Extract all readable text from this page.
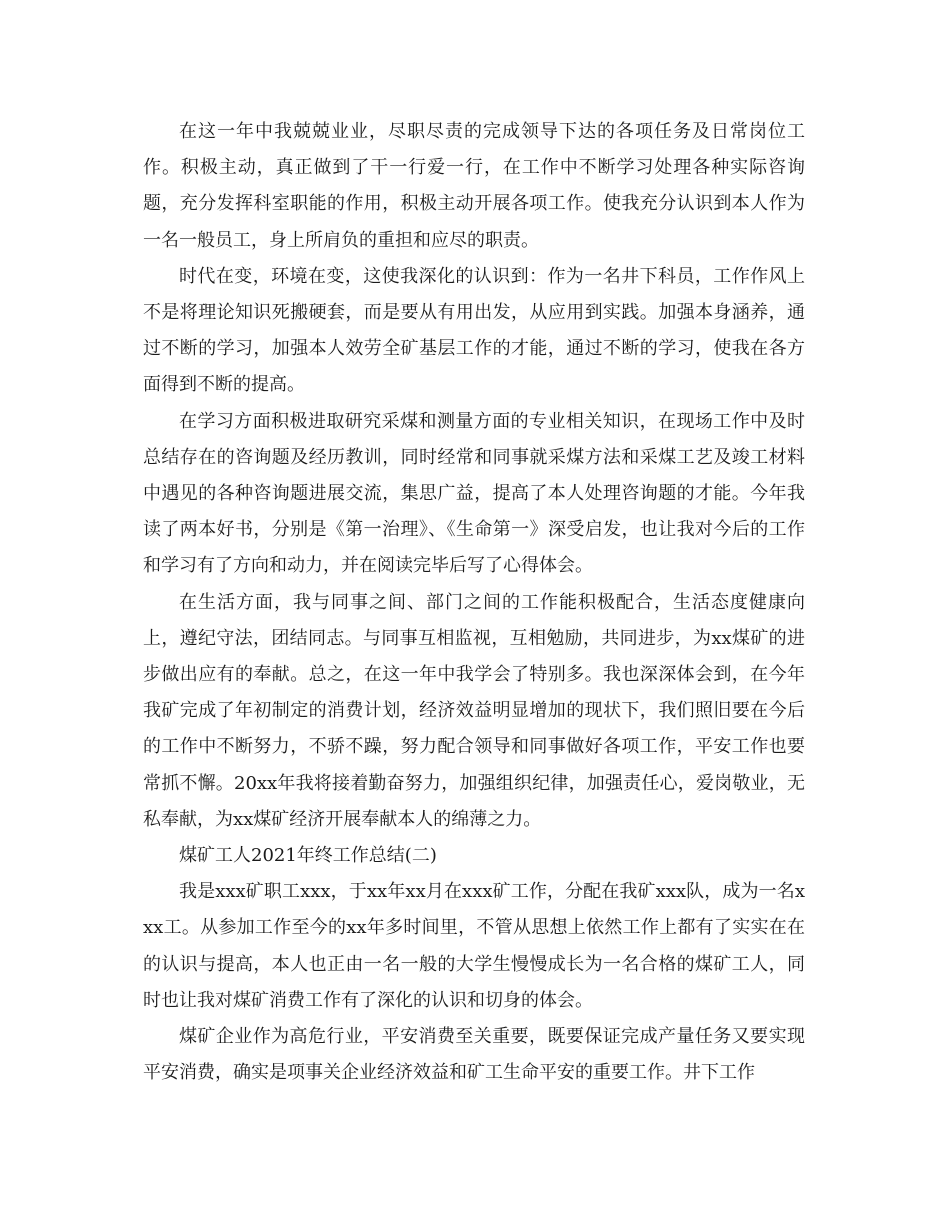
在这一年中我兢兢业业，尽职尽责的完成领导下达的各项任务及日常岗位工作。积极主动，真正做到了干一行爱一行，在工作中不断学习处理各种实际咨询题，充分发挥科室职能的作用，积极主动开展各项工作。使我充分认识到本人作为一名一般员工，身上所肩负的重担和应尽的职责。

时代在变，环境在变，这使我深化的认识到：作为一名井下科员，工作作风上不是将理论知识死搬硬套，而是要从有用出发，从应用到实践。加强本身涵养，通过不断的学习，加强本人效劳全矿基层工作的才能，通过不断的学习，使我在各方面得到不断的提高。

在学习方面积极进取研究采煤和测量方面的专业相关知识，在现场工作中及时总结存在的咨询题及经历教训，同时经常和同事就采煤方法和采煤工艺及竣工材料中遇见的各种咨询题进展交流，集思广益，提高了本人处理咨询题的才能。今年我读了两本好书，分别是《第一治理》、《生命第一》深受启发，也让我对今后的工作和学习有了方向和动力，并在阅读完毕后写了心得体会。

在生活方面，我与同事之间、部门之间的工作能积极配合，生活态度健康向上，遵纪守法，团结同志。与同事互相监视，互相勉励，共同进步，为xx煤矿的进步做出应有的奉献。总之，在这一年中我学会了特别多。我也深深体会到，在今年我矿完成了年初制定的消费计划，经济效益明显增加的现状下，我们照旧要在今后的工作中不断努力，不骄不躁，努力配合领导和同事做好各项工作，平安工作也要常抓不懈。20xx年我将接着勤奋努力，加强组织纪律，加强责任心，爱岗敬业，无私奉献，为xx煤矿经济开展奉献本人的绵薄之力。

煤矿工人2021年终工作总结(二)

我是xxx矿职工xxx，于xx年xx月在xxx矿工作，分配在我矿xxx队，成为一名xxx工。从参加工作至今的xx年多时间里，不管从思想上依然工作上都有了实实在在的认识与提高，本人也正由一名一般的大学生慢慢成长为一名合格的煤矿工人，同时也让我对煤矿消费工作有了深化的认识和切身的体会。

煤矿企业作为高危行业，平安消费至关重要，既要保证完成产量任务又要实现平安消费，确实是项事关企业经济效益和矿工生命平安的重要工作。井下工作
